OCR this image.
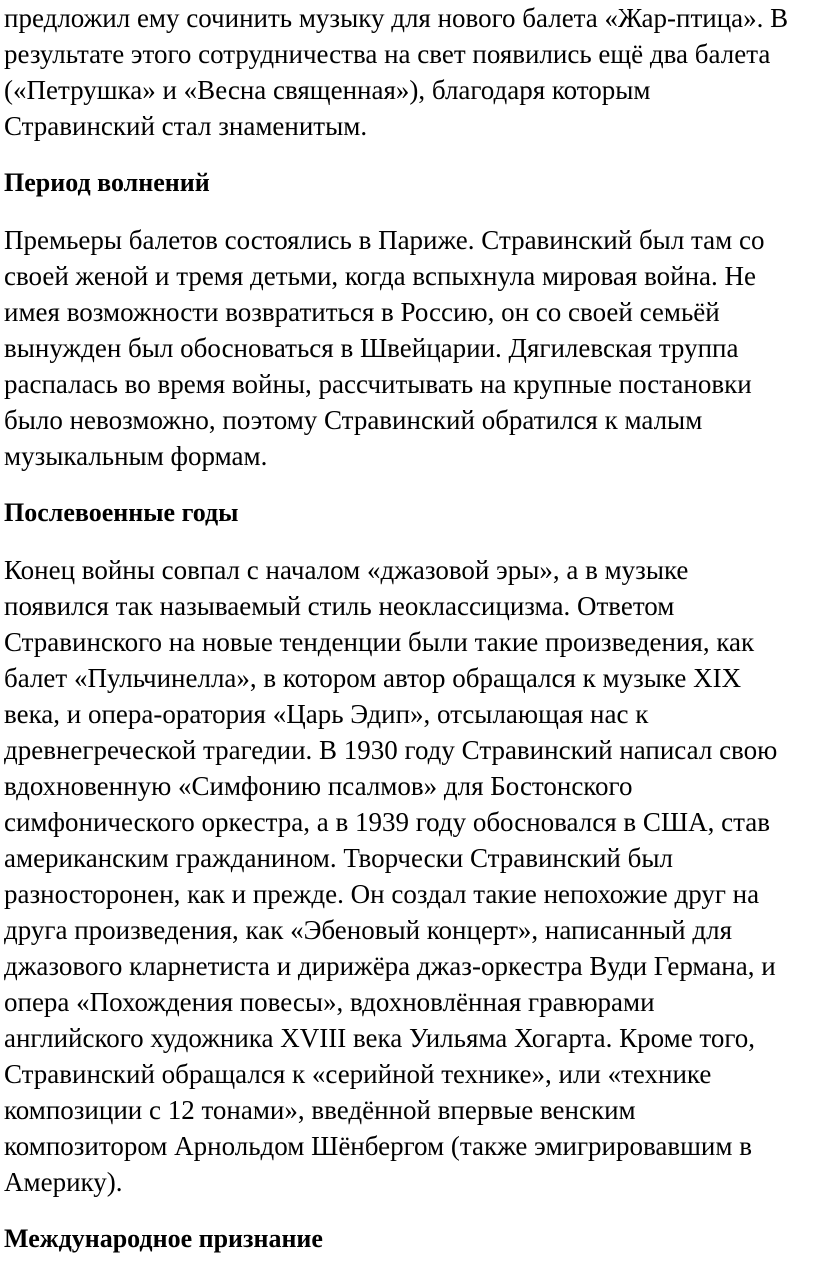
предложил ему сочинить музыку для нового балета «Жар-птица». В
результате этого сотрудничества на свет появились ещё два балета
(«Петрушка» и «Весна священная»), благодаря которым
Стравинский стал знаменитым.
Период волнений
Премьеры балетов состоялись в Париже. Стравинский был там со
своей женой и тремя детьми, когда вспыхнула мировая война. Не
имея возможности возвратиться в Россию, он со своей семьёй
вынужден был обосноваться в Швейцарии. Дягилевская труппа
распалась во время войны, рассчитывать на крупные постановки
было невозможно, поэтому Стравинский обратился к малым
музыкальным формам.
Послевоенные годы
Конец войны совпал с началом «джазовой эры», а в музыке
появился так называемый стиль неоклассицизма. Ответом
Стравинского на новые тенденции были такие произведения, как
балет «Пульчинелла», в котором автор обращался к музыке XIX
века, и опера-оратория «Царь Эдип», отсылающая нас к
древнегреческой трагедии. В 1930 году Стравинский написал свою
вдохновенную «Симфонию псалмов» для Бостонского
симфонического оркестра, а в 1939 году обосновался в США, став
американским гражданином. Творчески Стравинский был
разносторонен, как и прежде. Он создал такие непохожие друг на
друга произведения, как «Эбеновый концерт», написанный для
джазового кларнетиста и дирижёра джаз-оркестра Вуди Германа, и
опера «Похождения повесы», вдохновлённая гравюрами
английского художника XVIII века Уильяма Хогарта. Кроме того,
Стравинский обращался к «серийной технике», или «технике
композиции с 12 тонами», введённой впервые венским
композитором Арнольдом Шёнбергом (также эмигрировавшим в
Америку).
Международное признание
